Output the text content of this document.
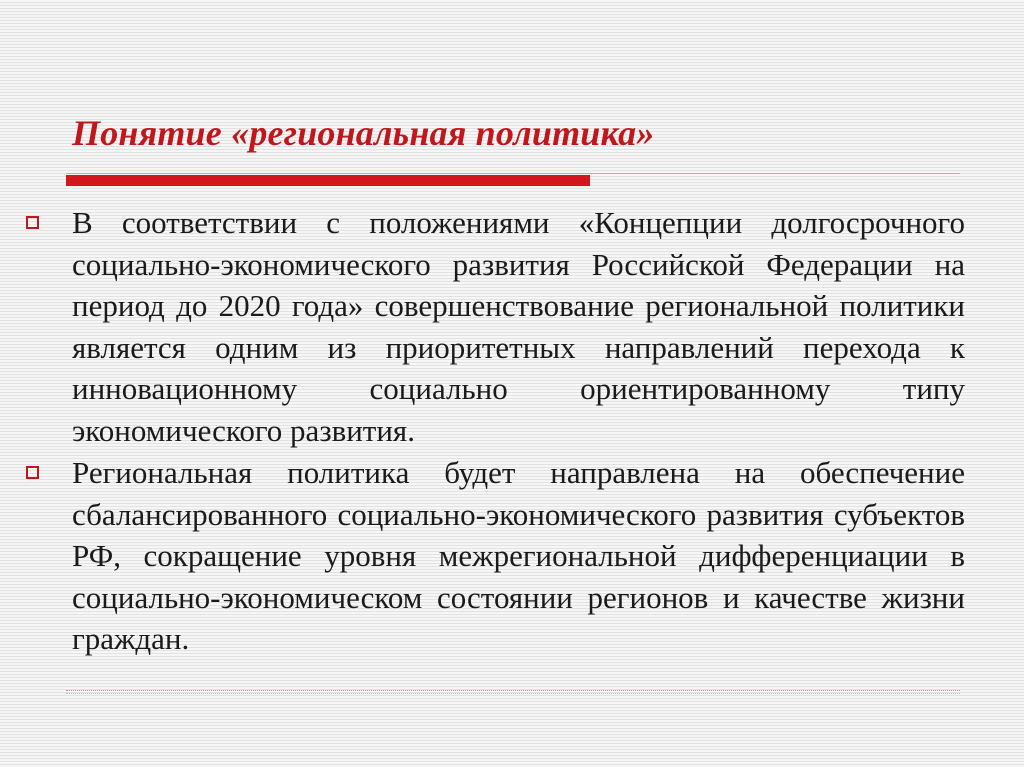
Понятие «региональная политика»

В соответствии с положениями «Концепции долгосрочного социально-экономического развития Российской Федерации на период до 2020 года» совершенствование региональной политики является одним из приоритетных направлений перехода к инновационному социально ориентированному типу экономического развития.

Региональная политика будет направлена на обеспечение сбалансированного социально-экономического развития субъектов РФ, сокращение уровня межрегиональной дифференциации в социально-экономическом состоянии регионов и качестве жизни граждан.
